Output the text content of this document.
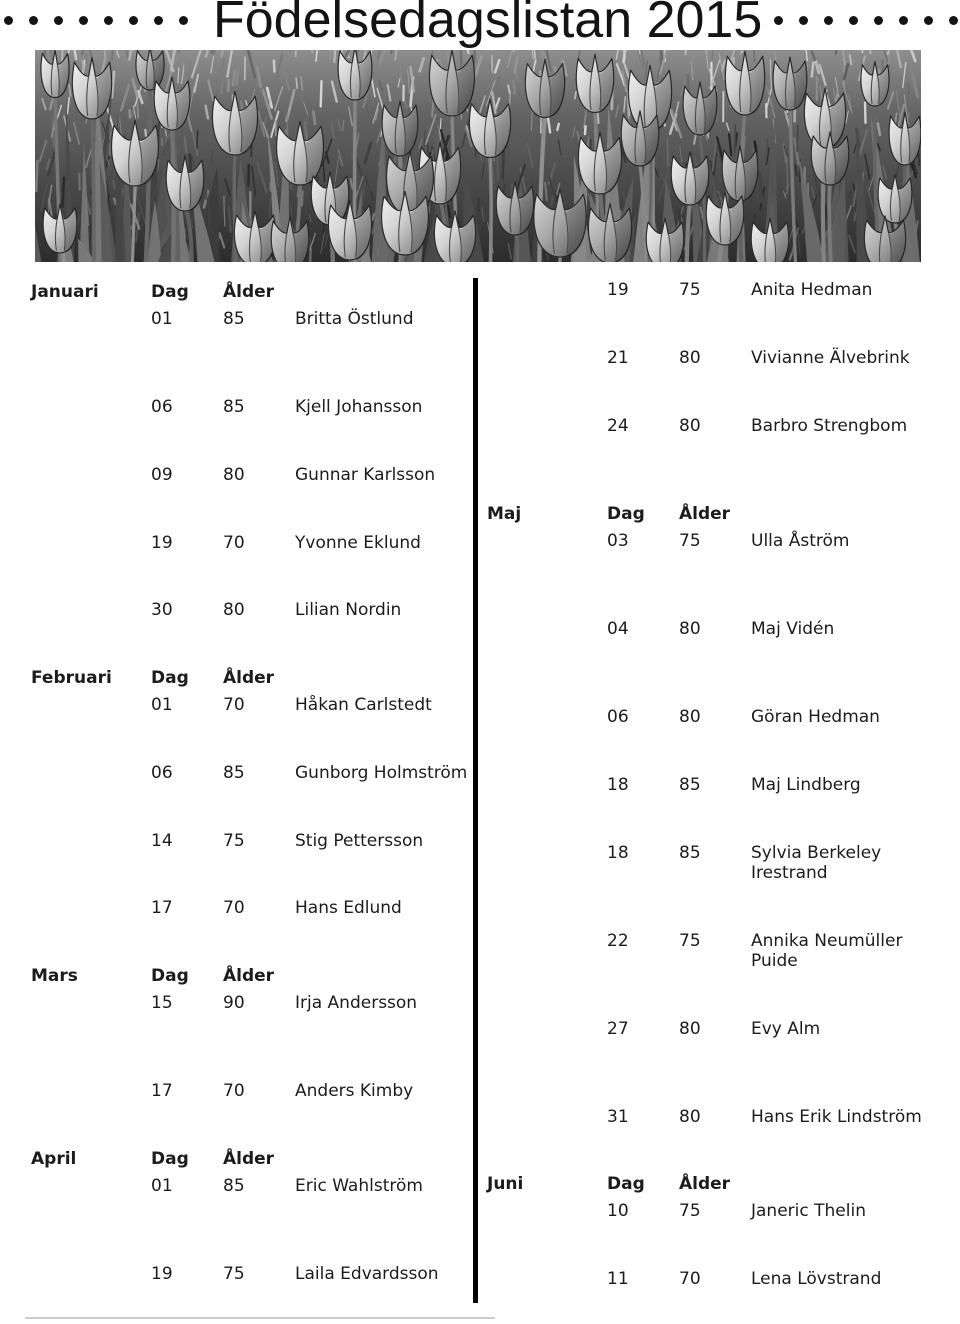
Födelsedagslistan 2015
Januari	Dag Ålder
01	85	Britta Östlund
06	85	Kjell Johansson
09	80	Gunnar Karlsson
19	70	Yvonne Eklund
30	80	Lilian Nordin
Februari Dag Ålder
01	70	Håkan Carlstedt
06	85	Gunborg Holmström
14	75	Stig Pettersson
17	70	Hans Edlund
Mars	Dag Ålder
15	90	Irja Andersson
17	70	Anders Kimby
April	Dag Ålder
01	85	Eric Wahlström
19	75	Laila Edvardsson
19	75	Anita Hedman
21	80	Vivianne Älvebrink
24	80	Barbro Strengbom
Maj	Dag Ålder
03	75	Ulla Åström
04	80	Maj Vidén
06	80	Göran Hedman
18	85	Maj Lindberg
18	85	Sylvia Berkeley Irestrand
22	75	Annika Neumüller Puide
27	80	Evy Alm
31	80	Hans Erik Lindström
Juni	Dag Ålder
10	75	Janeric Thelin
11	70	Lena Lövstrand
